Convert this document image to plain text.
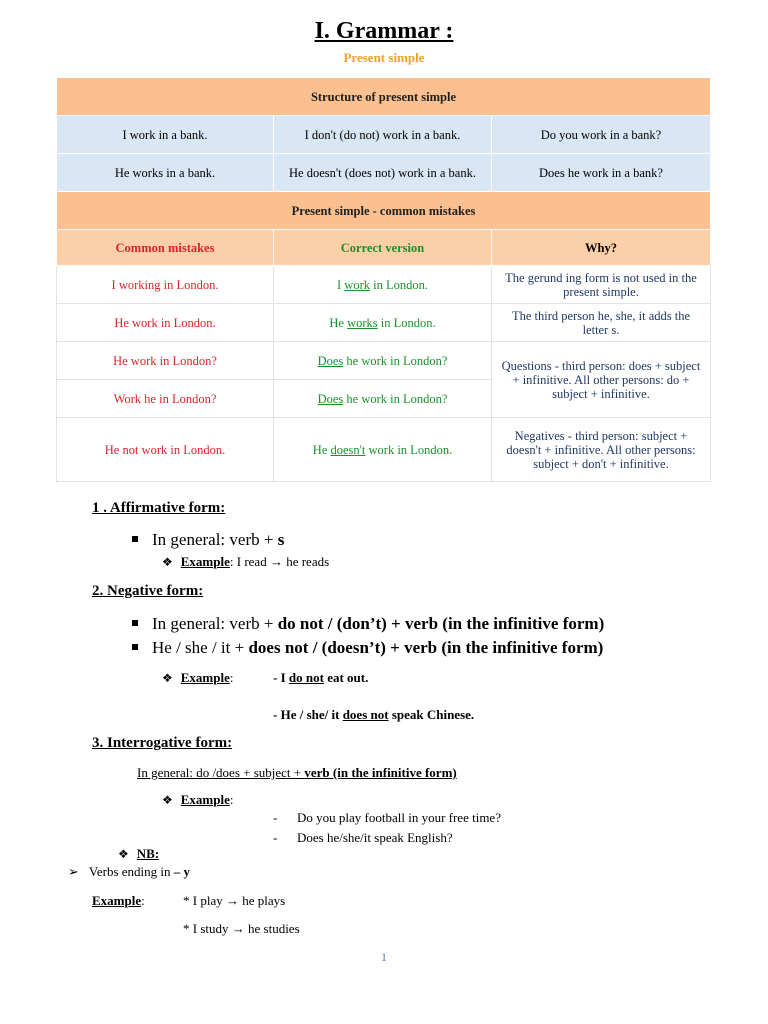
I. Grammar :
Present simple
Structure of present simple		
I work in a bank.	I don't (do not) work in a bank.	Do you work in a bank?
He works in a bank.	He doesn't (does not) work in a bank.	Does he work in a bank?
Present simple - common mistakes		
Common mistakes	Correct version	Why?
I working in London.	I work in London.	The gerund ing form is not used in the present simple.
He work in London.	He works in London.	The third person he, she, it adds the letter s.
He work in London?	Does he work in London?	Questions - third person: does + subject + infinitive. All other persons: do + subject + infinitive.
Work he in London?	Does he work in London?	
He not work in London.	He doesn't work in London.	Negatives - third person: subject + doesn't + infinitive. All other persons: subject + don't + infinitive.
1 . Affirmative form:
In general: verb + s
❖ Example: I read → he reads
2. Negative form:
In general: verb + do not / (don’t) + verb (in the infinitive form)
He / she / it + does not / (doesn’t) + verb (in the infinitive form)
❖ Example:	- I do not eat out.
- He / she/ it does not speak Chinese.
3. Interrogative form:
In general: do /does + subject + verb (in the infinitive form)
❖ Example:
- Do you play football in your free time?
- Does he/she/it speak English?
❖ NB:
➢ Verbs ending in – y
Example:	* I play → he plays
* I study → he studies
1
